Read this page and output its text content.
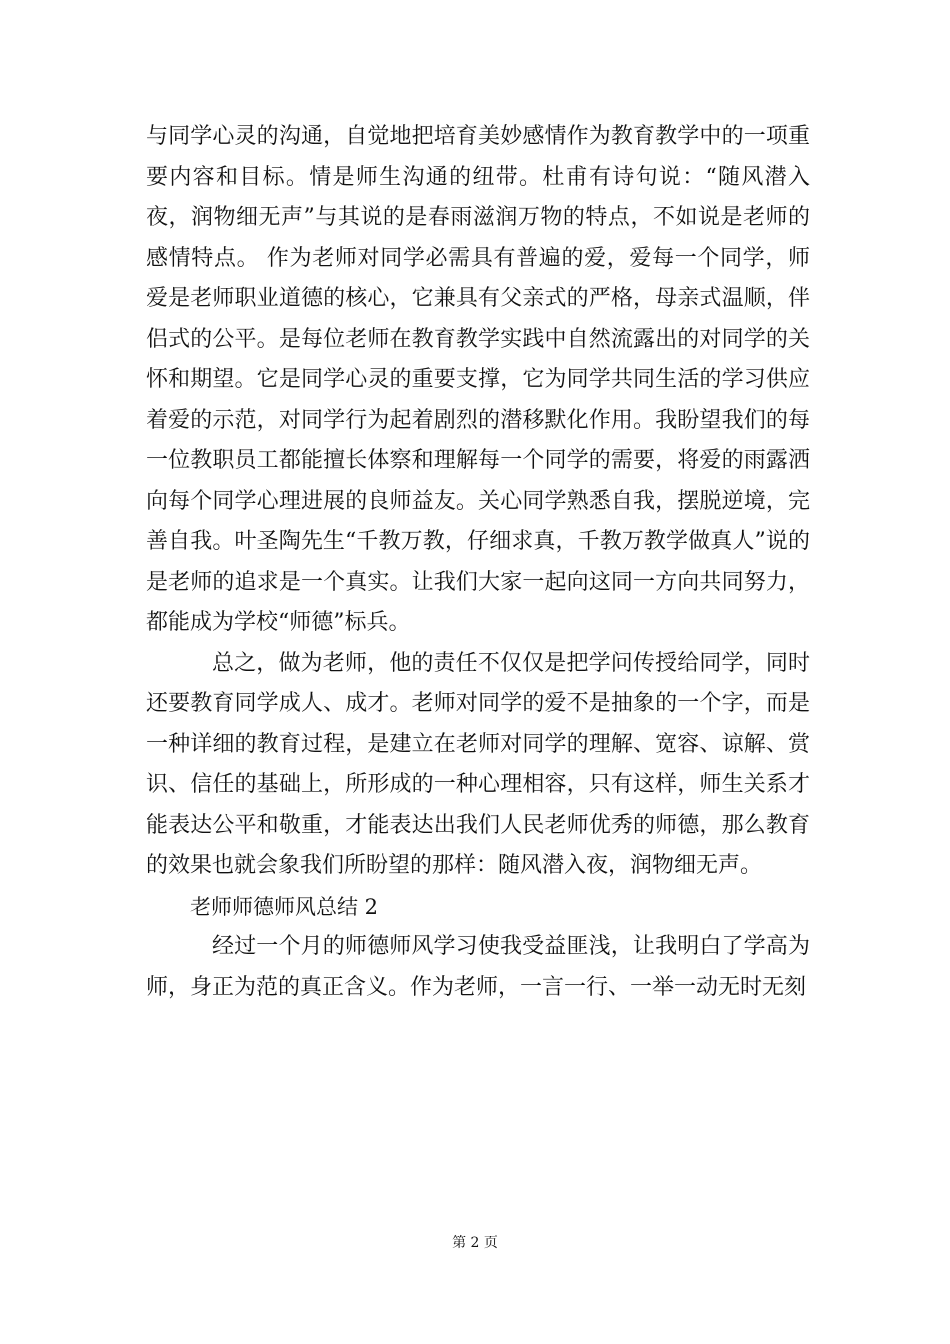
与同学心灵的沟通，自觉地把培育美妙感情作为教育教学中的一项重要内容和目标。情是师生沟通的纽带。杜甫有诗句说：“随风潜入夜，润物细无声”与其说的是春雨滋润万物的特点，不如说是老师的感情特点。 作为老师对同学必需具有普遍的爱，爱每一个同学，师爱是老师职业道德的核心，它兼具有父亲式的严格，母亲式温顺，伴侣式的公平。是每位老师在教育教学实践中自然流露出的对同学的关怀和期望。它是同学心灵的重要支撑，它为同学共同生活的学习供应着爱的示范，对同学行为起着剧烈的潜移默化作用。我盼望我们的每一位教职员工都能擅长体察和理解每一个同学的需要，将爱的雨露洒向每个同学心理进展的良师益友。关心同学熟悉自我，摆脱逆境，完善自我。叶圣陶先生“千教万教，仔细求真，千教万教学做真人”说的是老师的追求是一个真实。让我们大家一起向这同一方向共同努力，都能成为学校“师德”标兵。

总之，做为老师，他的责任不仅仅是把学问传授给同学，同时还要教育同学成人、成才。老师对同学的爱不是抽象的一个字，而是一种详细的教育过程，是建立在老师对同学的理解、宽容、谅解、赏识、信任的基础上，所形成的一种心理相容，只有这样，师生关系才能表达公平和敬重，才能表达出我们人民老师优秀的师德，那么教育的效果也就会象我们所盼望的那样：随风潜入夜，润物细无声。

老师师德师风总结 2

经过一个月的师德师风学习使我受益匪浅，让我明白了学高为师，身正为范的真正含义。作为老师，一言一行、一举一动无时无刻

第 2 页
